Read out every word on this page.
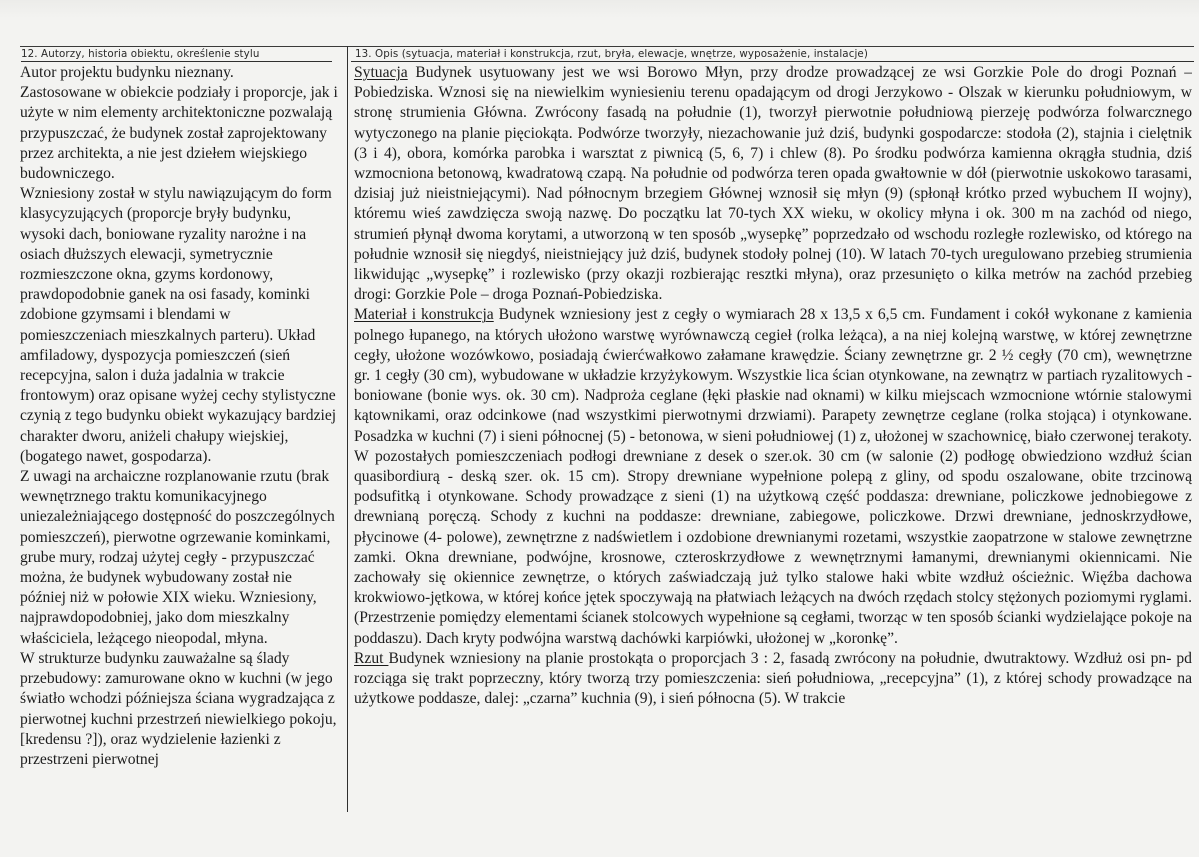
12. Autorzy, historia obiektu, określenie stylu	13. Opis (sytuacja, materiał i konstrukcja, rzut, bryła, elewacje, wnętrze, wyposażenie, instalacje)

Autor projektu budynku nieznany.

Zastosowane w obiekcie podziały i proporcje, jak i użyte w nim elementy architektoniczne pozwalają przypuszczać, że budynek został zaprojektowany przez architekta, a nie jest dziełem wiejskiego budowniczego.

Wzniesiony został w stylu nawiązującym do form klasycyzujących (proporcje bryły budynku, wysoki dach, boniowane ryzality narożne i na osiach dłuższych elewacji, symetrycznie rozmieszczone okna, gzyms kordonowy, prawdopodobnie ganek na osi fasady, kominki zdobione gzymsami i blendami w pomieszczeniach mieszkalnych parteru). Układ amfiladowy, dyspozycja pomieszczeń (sień recepcyjna, salon i duża jadalnia w trakcie frontowym) oraz opisane wyżej cechy stylistyczne czynią z tego budynku obiekt wykazujący bardziej charakter dworu, aniżeli chałupy wiejskiej, (bogatego nawet, gospodarza).

Z uwagi na archaiczne rozplanowanie rzutu (brak wewnętrznego traktu komunikacyjnego uniezależniającego dostępność do poszczególnych pomieszczeń), pierwotne ogrzewanie kominkami, grube mury, rodzaj użytej cegły - przypuszczać można, że budynek wybudowany został nie później niż w połowie XIX wieku. Wzniesiony, najprawdopodobniej, jako dom mieszkalny właściciela, leżącego nieopodal, młyna.

W strukturze budynku zauważalne są ślady przebudowy: zamurowane okno w kuchni (w jego światło wchodzi późniejsza ściana wygradzająca z pierwotnej kuchni przestrzeń niewielkiego pokoju, [kredensu ?]), oraz wydzielenie łazienki z przestrzeni pierwotnej

Sytuacja Budynek usytuowany jest we wsi Borowo Młyn, przy drodze prowadzącej ze wsi Gorzkie Pole do drogi Poznań – Pobiedziska. Wznosi się na niewielkim wyniesieniu terenu opadającym od drogi Jerzykowo - Olszak w kierunku południowym, w stronę strumienia Główna. Zwrócony fasadą na południe (1), tworzył pierwotnie południową pierzeję podwórza folwarcznego wytyczonego na planie pięciokąta. Podwórze tworzyły, niezachowanie już dziś, budynki gospodarcze: stodoła (2), stajnia i cielętnik (3 i 4), obora, komórka parobka i warsztat z piwnicą (5, 6, 7) i chlew (8). Po środku podwórza kamienna okrągła studnia, dziś wzmocniona betonową, kwadratową czapą. Na południe od podwórza teren opada gwałtownie w dół (pierwotnie uskokowo tarasami, dzisiaj już nieistniejącymi). Nad północnym brzegiem Głównej wznosił się młyn (9) (spłonął krótko przed wybuchem II wojny), któremu wieś zawdzięcza swoją nazwę. Do początku lat 70-tych XX wieku, w okolicy młyna i ok. 300 m na zachód od niego, strumień płynął dwoma korytami, a utworzoną w ten sposób „wysepkę” poprzedzało od wschodu rozległe rozlewisko, od którego na południe wznosił się niegdyś, nieistniejący już dziś, budynek stodoły polnej (10). W latach 70-tych uregulowano przebieg strumienia likwidując „wysepkę” i rozlewisko (przy okazji rozbierając resztki młyna), oraz przesunięto o kilka metrów na zachód przebieg drogi: Gorzkie Pole – droga Poznań-Pobiedziska.

Materiał i konstrukcja Budynek wzniesiony jest z cegły o wymiarach 28 x 13,5 x 6,5 cm. Fundament i cokół wykonane z kamienia polnego łupanego, na których ułożono warstwę wyrównawczą cegieł (rolka leżąca), a na niej kolejną warstwę, w której zewnętrzne cegły, ułożone wozówkowo, posiadają ćwierćwałkowo załamane krawędzie. Ściany zewnętrzne gr. 2 ½ cegły (70 cm), wewnętrzne gr. 1 cegły (30 cm), wybudowane w układzie krzyżykowym. Wszystkie lica ścian otynkowane, na zewnątrz w partiach ryzalitowych - boniowane (bonie wys. ok. 30 cm). Nadproża ceglane (łęki płaskie nad oknami) w kilku miejscach wzmocnione wtórnie stalowymi kątownikami, oraz odcinkowe (nad wszystkimi pierwotnymi drzwiami). Parapety zewnętrze ceglane (rolka stojąca) i otynkowane. Posadzka w kuchni (7) i sieni północnej (5) - betonowa, w sieni południowej (1) z, ułożonej w szachownicę, biało czerwonej terakoty. W pozostałych pomieszczeniach podłogi drewniane z desek o szer.ok. 30 cm (w salonie (2) podłogę obwiedziono wzdłuż ścian quasibordiurą - deską szer. ok. 15 cm). Stropy drewniane wypełnione polepą z gliny, od spodu oszalowane, obite trzcinową podsufitką i otynkowane. Schody prowadzące z sieni (1) na użytkową część poddasza: drewniane, policzkowe jednobiegowe z drewnianą poręczą. Schody z kuchni na poddasze: drewniane, zabiegowe, policzkowe. Drzwi drewniane, jednoskrzydłowe, płycinowe (4- polowe), zewnętrzne z nadświetlem i ozdobione drewnianymi rozetami, wszystkie zaopatrzone w stalowe zewnętrzne zamki. Okna drewniane, podwójne, krosnowe, czteroskrzydłowe z wewnętrznymi łamanymi, drewnianymi okiennicami. Nie zachowały się okiennice zewnętrze, o których zaświadczają już tylko stalowe haki wbite wzdłuż ościeżnic. Więźba dachowa krokwiowo-jętkowa, w której końce jętek spoczywają na płatwiach leżących na dwóch rzędach stolcy stężonych poziomymi ryglami. (Przestrzenie pomiędzy elementami ścianek stolcowych wypełnione są cegłami, tworząc w ten sposób ścianki wydzielające pokoje na poddaszu). Dach kryty podwójna warstwą dachówki karpiówki, ułożonej w „koronkę”.

Rzut Budynek wzniesiony na planie prostokąta o proporcjach 3 : 2, fasadą zwrócony na południe, dwutraktowy. Wzdłuż osi pn- pd rozciąga się trakt poprzeczny, który tworzą trzy pomieszczenia: sień południowa, „recepcyjna” (1), z której schody prowadzące na użytkowe poddasze, dalej: „czarna” kuchnia (9), i sień północna (5). W trakcie
